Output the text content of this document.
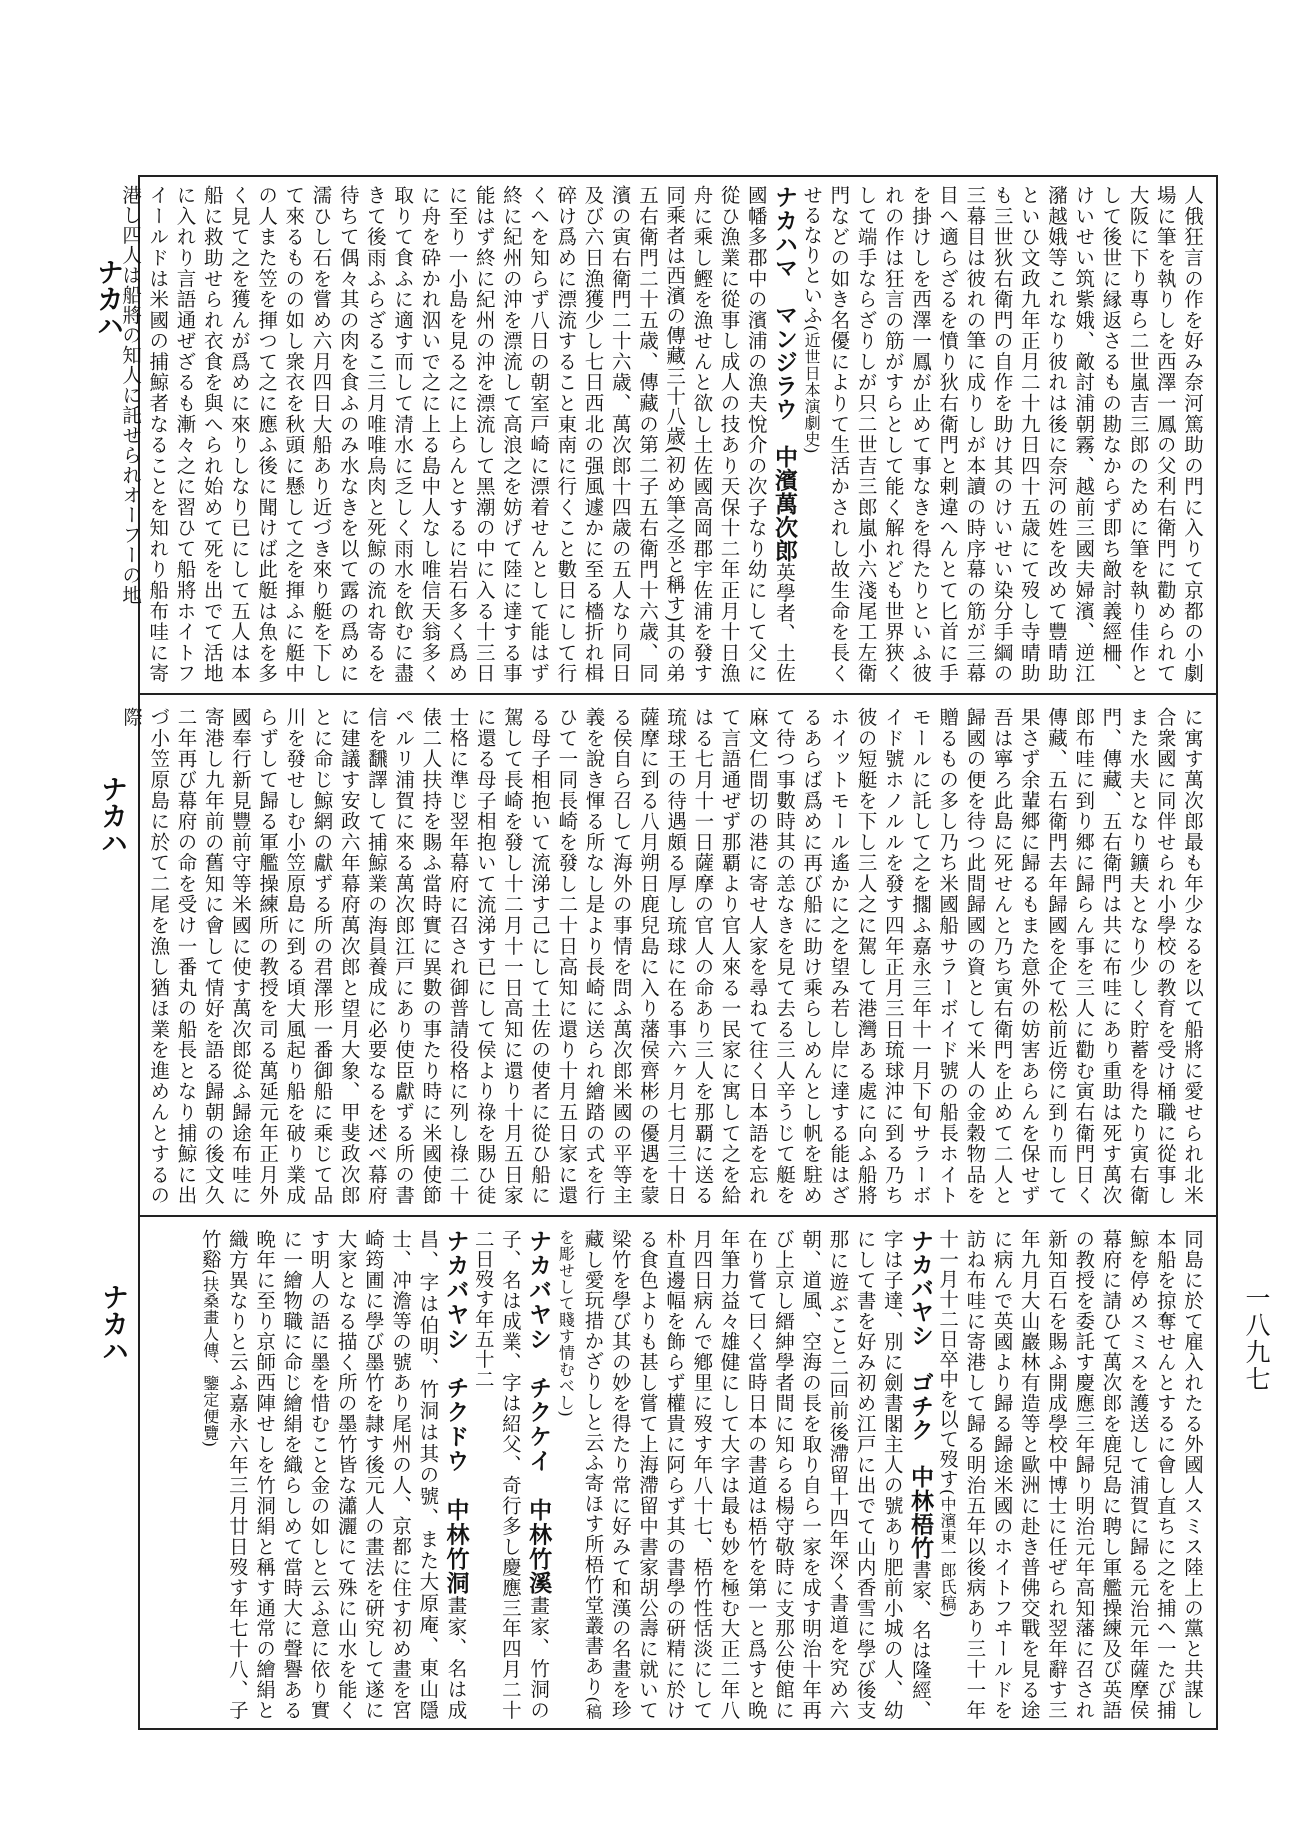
ナカハ
ナカハ
ナカハ	一八九七
人俄狂言の作を好み奈河篤助の門に入りて京都の小劇場に筆を執りしを西澤一鳳の父利右衛門に勸められて大阪に下り專ら二世嵐吉三郎のために筆を執り佳作として後世に縁返さるもの勘なからず即ち敵討義經柵、けいせい筑紫娥、敵討浦朝霧、越前三國夫婦濱、逆江瀦越娥等これなり彼れは後に奈河の姓を改めて豐晴助といひ文政九年正月二十九日四十五歳にて歿し寺晴助も三世狄右衛門の自作を助け其のけいせい染分手綱の三幕目は彼れの筆に成りしが本讀の時序幕の筋が三幕目へ適らざるを憤り狄右衛門と剌違へんとて匕首に手を掛けしを西澤一鳳が止めて事なきを得たりといふ彼れの作は狂言の筋がすらとして能く解れども世界狹くして端手ならざりしが只二世吉三郎嵐小六淺尾工左衛門などの如き名優によりて生活かされし故生命を長くせるなりといふ(近世日本演劇史)
ナカハマ　マンジラウ　中濱萬次郎英學者、土佐國幡多郡中の濱浦の漁夫悅介の次子なり幼にして父に從ひ漁業に從事し成人の技あり天保十二年正月十日漁舟に乘し鰹を漁せんと欲し土佐國高岡郡宇佐浦を發す同乘者は西濱の傳藏三十八歳(初め筆之丞と稱す)其の弟五右衛門二十五歳、傳藏の第二子五右衛門十六歳、同濱の寅右衛門二十六歳、萬次郎十四歳の五人なり同日及び六日漁獲少し七日西北の强風遽かに至る檣折れ楫碎け爲めに漂流すること東南に行くこと數日にして行くへを知らず八日の朝室戸崎に漂着せんとして能はず終に紀州の沖を漂流して高浪之を妨げて陸に達する事能はず終に紀州の沖を漂流して黑潮の中に入る十三日に至り一小島を見る之に上らんとするに岩石多く爲めに舟を砕かれ泅いで之に上る島中人なし唯信天翁多く取りて食ふに適す而して清水に乏しく雨水を飲むに盡きて後雨ふらざるこ三月唯唯鳥肉と死鯨の流れ寄るを待ちて偶々其の肉を食ふのみ水なきを以て露の爲めに濡ひし石を嘗め六月四日大船あり近づき來り艇を下して來るものの如し衆衣を秋頭に懸して之を揮ふに艇中の人また笠を揮つて之に應ふ後に聞けば此艇は魚を多く見て之を獲んが爲めに來りしなり已にして五人は本船に救助せられ衣食を與へられ始めて死を出でて活地に入れり言語通ぜざるも漸々之に習ひて船將ホイトフイールドは米國の捕鯨者なることを知れり船布哇に寄港し四人は船將の知人に託せられオーフーの地
に寓す萬次郎最も年少なるを以て船將に愛せられ北米合衆國に同伴せられ小學校の教育を受け桶職に從事しまた水夫となり鑛夫となり少しく貯蓄を得たり寅右衛門、傳藏、五右衛門は共に布哇にあり重助は死す萬次郎布哇に到り郷に歸らん事を三人に勸む寅右衛門日く傳藏、五右衛門去年歸國を企て松前近傍に到り而して果さず余輩郷に歸るもまた意外の妨害あらんを保せず吾は寧ろ此島に死せんと乃ち寅右衛門を止めて二人と歸國の便を待つ此間歸國の資として米人の金穀物品を贈るもの多し乃ち米國船サラーボイド號の船長ホイトモールに託して之を擱ふ嘉永三年十一月下旬サラーボイド號ホノルルを發す四年正月三日琉球沖に到る乃ち彼の短艇を下し三人之に駕して港灣ある處に向ふ船將ホイットモール遙かに之を望み若し岸に達する能はざるあらば爲めに再び船に助け乘らしめんとし帆を駐めて待つ事數時其の恙なきを見て去る三人辛うじて艇を麻文仁間切の港に寄せ人家を尋ねて往く日本語を忘れて言語通ぜず那覇より官人來る一民家に寓して之を給はる七月十一日薩摩の官人の命あり三人を那覇に送る琉球王の待遇頗る厚し琉球に在る事六ヶ月七月三十日薩摩に到る八月朔日鹿兒島に入り藩侯齊彬の優遇を蒙る侯自ら召して海外の事情を問ふ萬次郎米國の平等主義を說き惲る所なし是より長崎に送られ繪踏の式を行ひて一同長崎を發し二十日高知に還り十月五日家に還る母子相抱いて流涕す己にして土佐の使者に從ひ船に駕して長崎を發し十二月十一日高知に還り十月五日家に還る母子相抱いて流涕す已にして侯より祿を賜ひ徒士格に準じ翌年幕府に召され御普請役格に列し祿二十俵二人扶持を賜ふ當時實に異數の事たり時に米國使節ペルリ浦賀に來る萬次郎江戸にあり使臣獻ずる所の書信を飜譯して捕鯨業の海員養成に必要なるを述べ幕府に建議す安政六年幕府萬次郎と望月大象、甲斐政次郎とに命じ鯨網の獻ずる所の君澤形一番御船に乘じて品川を發せしむ小笠原島に到る頃大風起り船を破り業成らずして歸る軍艦操練所の教授を司る萬延元年正月外國奉行新見豐前守等米國に使す萬次郎從ふ歸途布哇に寄港し九年前の舊知に會して情好を語る歸朝の後文久二年再び幕府の命を受け一番丸の船長となり捕鯨に出づ小笠原島に於て二尾を漁し猶ほ業を進めんとするの際
同島に於て雇入れたる外國人スミス陸上の黨と共謀し本船を掠奪せんとするに會し直ちに之を捕へ一たび捕鯨を停めスミスを護送して浦賀に歸る元治元年薩摩侯幕府に請ひて萬次郎を鹿兒島に聘し軍艦操練及び英語の教授を委託す慶應三年歸り明治元年高知藩に召され新知百石を賜ふ開成學校中博士に任ぜられ翌年辭す三年九月大山巖林有造等と歐洲に赴き普佛交戰を見る途に病んで英國より歸る歸途米國のホイトフヰールドを訪ね布哇に寄港して歸る明治五年以後病あり三十一年十一月十二日卒中を以て歿す(中濱東一郎氏稿)
ナカバヤシ　ゴチク　中林梧竹書家、名は隆經、字は子達、別に劍書閣主人の號あり肥前小城の人、幼にして書を好み初め江戸に出でて山内香雪に學び後支那に遊ぶこと二回前後滯留十四年深く書道を究め六朝、道風、空海の長を取り自ら一家を成す明治十年再び上京し縉紳學者間に知らる楊守敬時に支那公使館に在り嘗て曰く當時日本の書道は梧竹を第一と爲すと晩年筆力益々雄健にして大字は最も妙を極む大正二年八月四日病んで鄕里に歿す年八十七、梧竹性恬淡にして朴直邊幅を飾らず權貴に阿らず其の書學の硏精に於ける食色よりも甚し嘗て上海滯留中書家胡公壽に就いて梁竹を學び其の妙を得たり常に好みて和漢の名畫を珍藏し愛玩措かざりしと云ふ寄ほす所梧竹堂叢書あり(稿を彫せして賤す情むべし)
ナカバヤシ　チクケイ　中林竹溪畫家、竹洞の子、名は成業、字は紹父、奇行多し慶應三年四月二十二日歿す年五十二
ナカバヤシ　チクドウ　中林竹洞畫家、名は成昌、字は伯明、竹洞は其の號、また大原庵、東山隱士、冲澹等の號あり尾州の人、京都に住す初め畫を宮崎筠圃に學び墨竹を隷す後元人の畫法を硏究して遂に大家となる描く所の墨竹皆な瀟灑にて殊に山水を能くす明人の語に墨を惜むこと金の如しと云ふ意に依り實に一繪物職に命じ繪絹を織らしめて當時大に聲譽ある晩年に至り京師西陣せしを竹洞絹と稱す通常の繪絹と織方異なりと云ふ嘉永六年三月廿日歿す年七十八、子竹谿(扶桑畫人傳、鑒定便覽)
